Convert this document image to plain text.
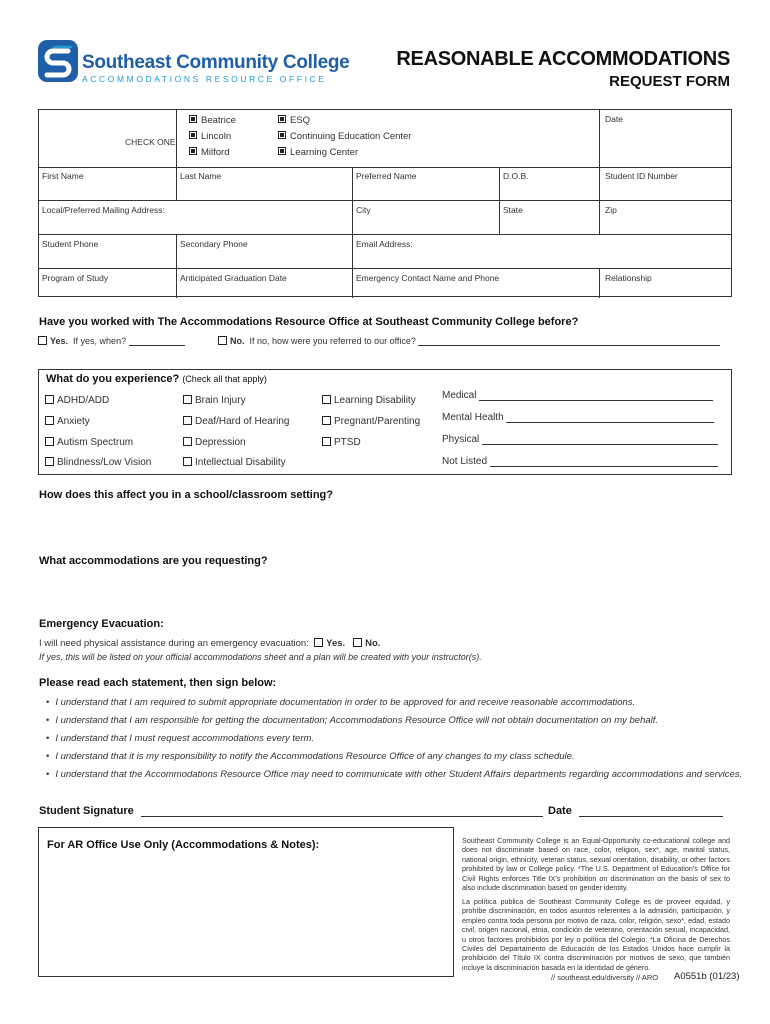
Southeast Community College
ACCOMMODATIONS RESOURCE OFFICE
REASONABLE ACCOMMODATIONS
REQUEST FORM
CHECK ONE:
Beatrice
Lincoln
Milford
ESQ
Continuing Education Center
Learning Center
Date
First Name	Last Name	Preferred Name	D.O.B.	Student ID Number
Local/Preferred Mailing Address:	City	State	Zip
Student Phone	Secondary Phone	Email Address:
Program of Study	Anticipated Graduation Date	Emergency Contact Name and Phone	Relationship
Have you worked with The Accommodations Resource Office at Southeast Community College before?
Yes. If yes, when?	No. If no, how were you referred to our office?
What do you experience? (Check all that apply)
ADHD/ADD
Anxiety
Autism Spectrum
Blindness/Low Vision
Brain Injury
Deaf/Hard of Hearing
Depression
Intellectual Disability
Learning Disability
Pregnant/Parenting
PTSD
Medical
Mental Health
Physical
Not Listed
How does this affect you in a school/classroom setting?
What accommodations are you requesting?
Emergency Evacuation:
I will need physical assistance during an emergency evacuation: Yes. No.
If yes, this will be listed on your official accommodations sheet and a plan will be created with your instructor(s).
Please read each statement, then sign below:
• I understand that I am required to submit appropriate documentation in order to be approved for and receive reasonable accommodations.
• I understand that I am responsible for getting the documentation; Accommodations Resource Office will not obtain documentation on my behalf.
• I understand that I must request accommodations every term.
• I understand that it is my responsibility to notify the Accommodations Resource Office of any changes to my class schedule.
• I understand that the Accommodations Resource Office may need to communicate with other Student Affairs departments regarding accommodations and services.
Student Signature	Date
For AR Office Use Only (Accommodations & Notes):	Southeast Community College is an Equal-Opportunity co-educational college and does not discriminate based on race, color, religion, sex*, age, marital status, national origin, ethnicity, veteran status, sexual orientation, disability, or other factors prohibited by law or College policy. *The U.S. Department of Education's Office for Civil Rights enforces Title IX's prohibition on discrimination on the basis of sex to also include discrimination based on gender identity.
La política publica de Southeast Community College es de proveer equidad, y prohíbe discriminación, en todos asuntos referentes a la admisión, participación, y empleo contra toda persona por motivo de raza, color, religión, sexo*, edad, estado civil, origen nacional, etnia, condición de veterano, orientación sexual, incapacidad, u otros factores prohibidos por ley o política del Colegio. *La Oficina de Derechos Civiles del Departamento de Educación de los Estados Unidos hace cumplir la prohibición del Título IX contra discriminación por motivos de sexo, que también incluye la discriminación basada en la identidad de género.
// southeast.edu/diversity // ARO A0551b (01/23)
